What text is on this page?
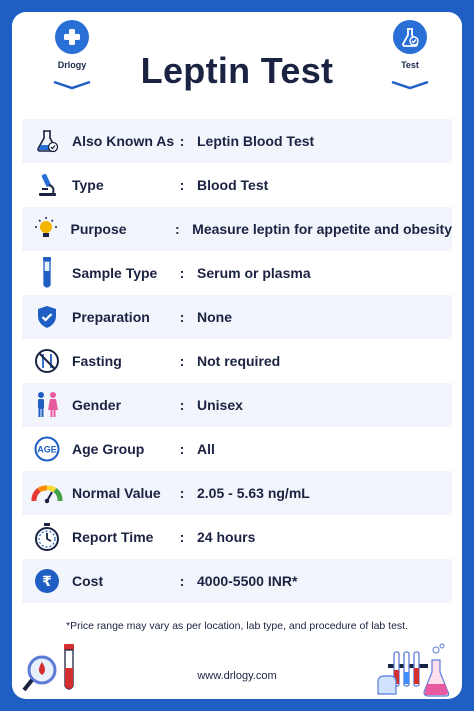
Drlogy	Leptin Test	Test
Also Known As : Leptin Blood Test
Type	: Blood Test
Purpose	: Measure leptin for appetite and obesity
Sample Type	: Serum or plasma
Preparation	: None
Fasting	: Not required
Gender	: Unisex
AGE Age Group	: All
Normal Value	: 2.05 - 5.63 ng/mL
Report Time	: 24 hours
₹ Cost	: 4000-5500 INR*
*Price range may vary as per location, lab type, and procedure of lab test.
www.drlogy.com
